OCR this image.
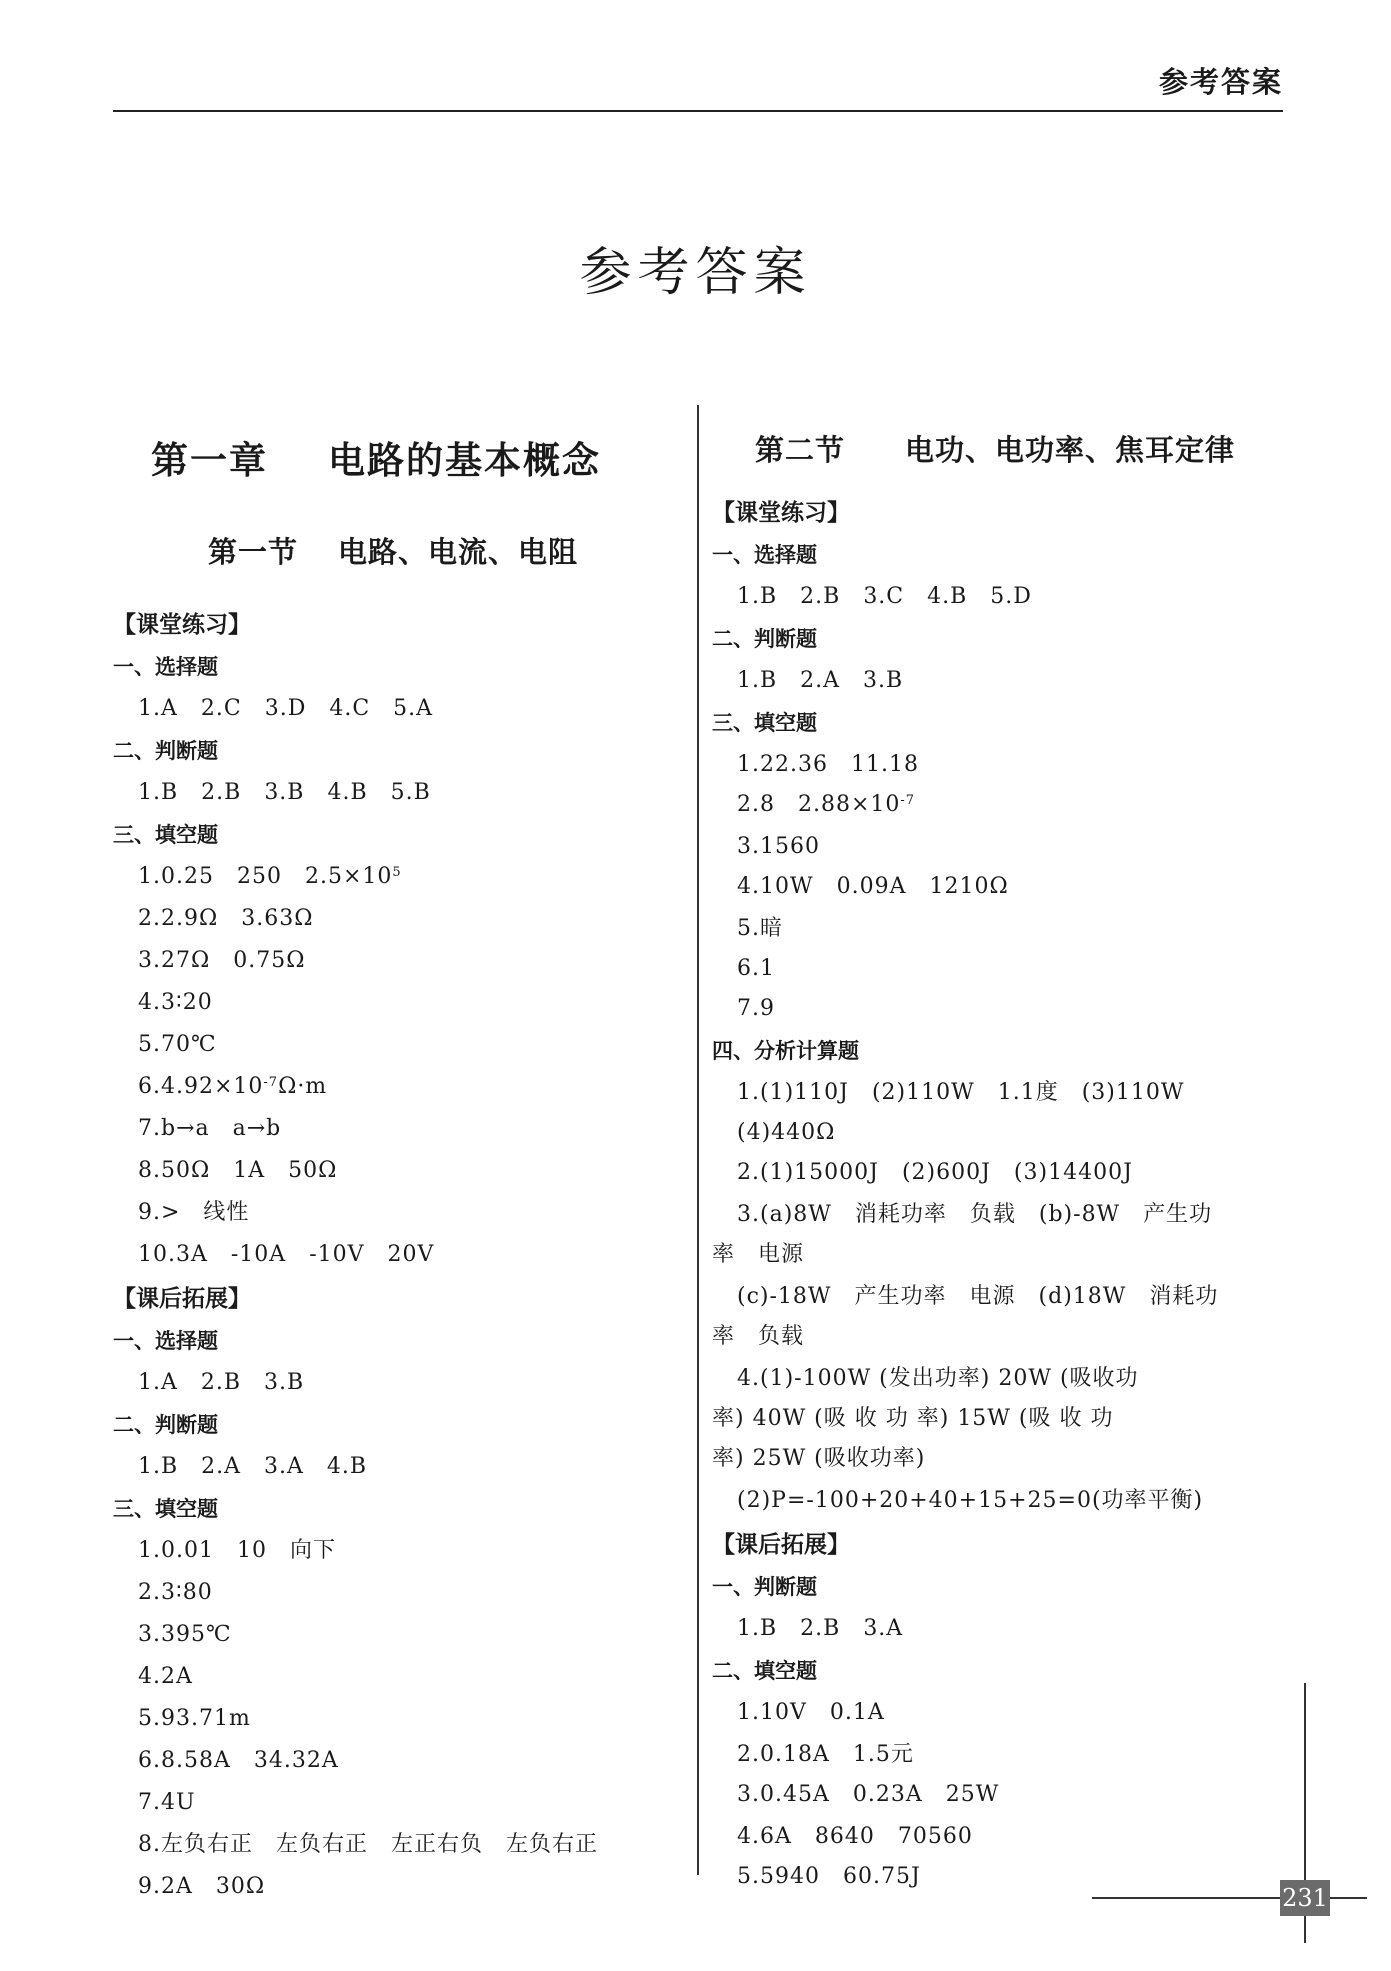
参考答案
参考答案
第一章 电路的基本概念
第一节 电路、电流、电阻
【课堂练习】
一、选择题
1.A　2.C　3.D　4.C　5.A
二、判断题
1.B　2.B　3.B　4.B　5.B
三、填空题
1.0.25　250　$2.5\times 10^5$
2.2.9Ω　3.63Ω
3.27Ω　0.75Ω
4.3∶20
5.70℃
$6.4.92\times 10^{-7}\Omega\cdot m$
7.b→a　a→b
8.50Ω　1A　50Ω
9.>　线性
10.3A　-10A　-10V　20V
【课后拓展】
一、选择题
1.A　2.B　3.B
二、判断题
1.B　2.A　3.A　4.B
三、填空题
1.0.01　10　向下
2.3∶80
3.395℃
4.2A
5.93.71m
6.8.58A　34.32A
7.4U
8.左负右正　左负右正　左正右负　左负右正
9.2A　30Ω
第二节 电功、电功率、焦耳定律
【课堂练习】
一、选择题
1.B　2.B　3.C　4.B　5.D
二、判断题
1.B　2.A　3.B
三、填空题
1.22.36　11.18
2.8　$2.88\times 10^{-7}$
3.1560
4.10W　0.09A　1210Ω
5.暗
6.1
7.9
四、分析计算题
1.(1)110J　(2)110W　1.1度　(3)110W
(4)440Ω
2.(1)15000J　(2)600J　(3)14400J
3.(a)8W　消耗功率　负载　(b)-8W　产生功
率　电源
(c)-18W　产生功率　电源　(d)18W　消耗功
率　负载
4.(1)-100W (发出功率) 20W (吸收功
率) 40W (吸 收 功 率) 15W (吸 收 功
率) 25W (吸收功率)
(2)P=-100+20+40+15+25=0(功率平衡)
【课后拓展】
一、判断题
1.B　2.B　3.A
二、填空题
1.10V　0.1A
2.0.18A　1.5元
3.0.45A　0.23A　25W
4.6A　8640　70560
5.5940　60.75J
231
